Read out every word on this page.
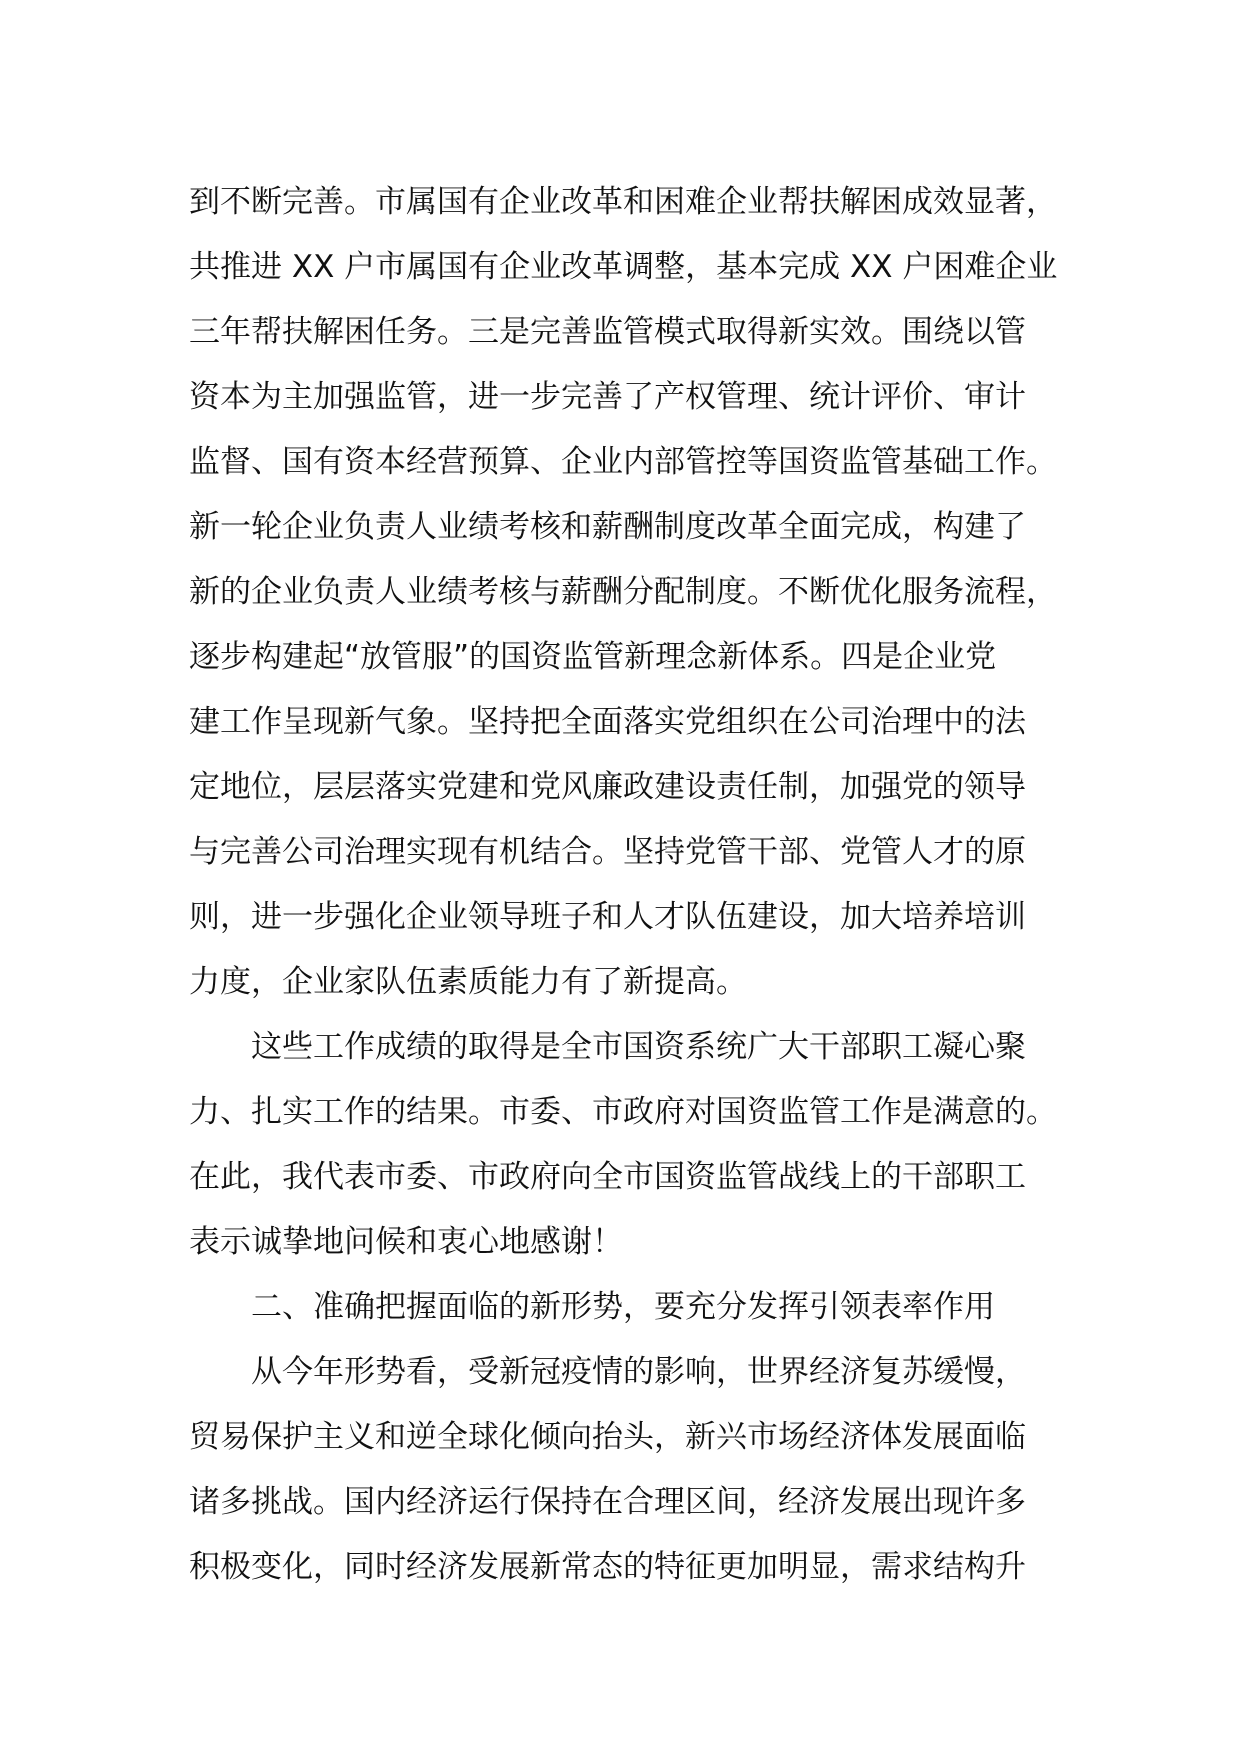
到不断完善。市属国有企业改革和困难企业帮扶解困成效显著，
共推进 XX 户市属国有企业改革调整，基本完成 XX 户困难企业
三年帮扶解困任务。三是完善监管模式取得新实效。围绕以管
资本为主加强监管，进一步完善了产权管理、统计评价、审计
监督、国有资本经营预算、企业内部管控等国资监管基础工作。
新一轮企业负责人业绩考核和薪酬制度改革全面完成，构建了
新的企业负责人业绩考核与薪酬分配制度。不断优化服务流程，
逐步构建起“放管服”的国资监管新理念新体系。四是企业党
建工作呈现新气象。坚持把全面落实党组织在公司治理中的法
定地位，层层落实党建和党风廉政建设责任制，加强党的领导
与完善公司治理实现有机结合。坚持党管干部、党管人才的原
则，进一步强化企业领导班子和人才队伍建设，加大培养培训
力度，企业家队伍素质能力有了新提高。
这些工作成绩的取得是全市国资系统广大干部职工凝心聚
力、扎实工作的结果。市委、市政府对国资监管工作是满意的。
在此，我代表市委、市政府向全市国资监管战线上的干部职工
表示诚挚地问候和衷心地感谢！
二、准确把握面临的新形势，要充分发挥引领表率作用
从今年形势看，受新冠疫情的影响，世界经济复苏缓慢，
贸易保护主义和逆全球化倾向抬头，新兴市场经济体发展面临
诸多挑战。国内经济运行保持在合理区间，经济发展出现许多
积极变化，同时经济发展新常态的特征更加明显，需求结构升
